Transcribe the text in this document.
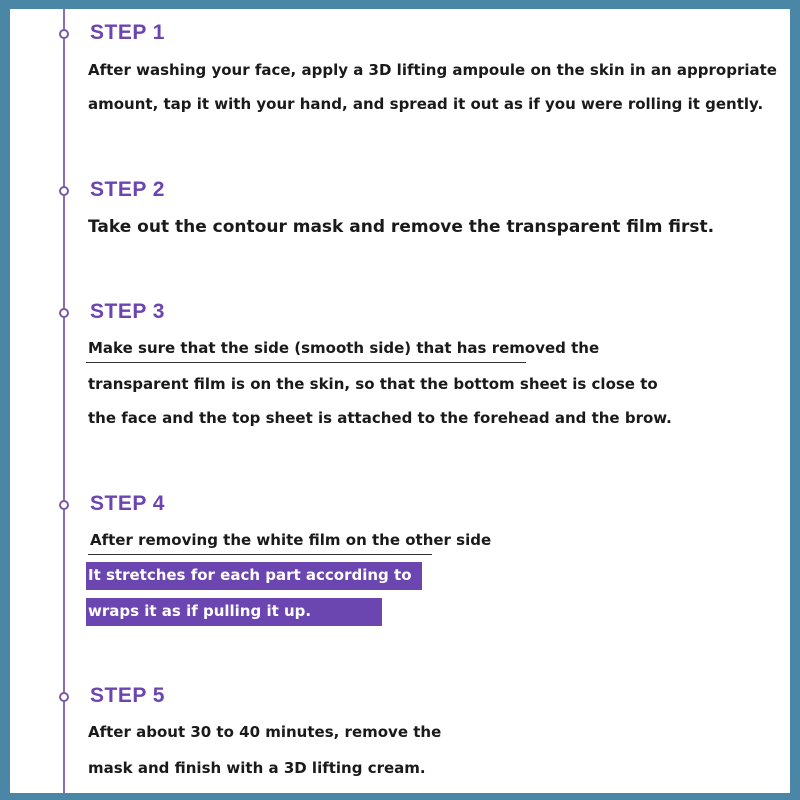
STEP 1
After washing your face, apply a 3D lifting ampoule on the skin in an appropriate
amount, tap it with your hand, and spread it out as if you were rolling it gently.
STEP 2
Take out the contour mask and remove the transparent film first.
STEP 3
Make sure that the side (smooth side) that has removed the
transparent film is on the skin, so that the bottom sheet is close to
the face and the top sheet is attached to the forehead and the brow.
STEP 4
After removing the white film on the other side
It stretches for each part according to
wraps it as if pulling it up.
STEP 5
After about 30 to 40 minutes, remove the
mask and finish with a 3D lifting cream.
